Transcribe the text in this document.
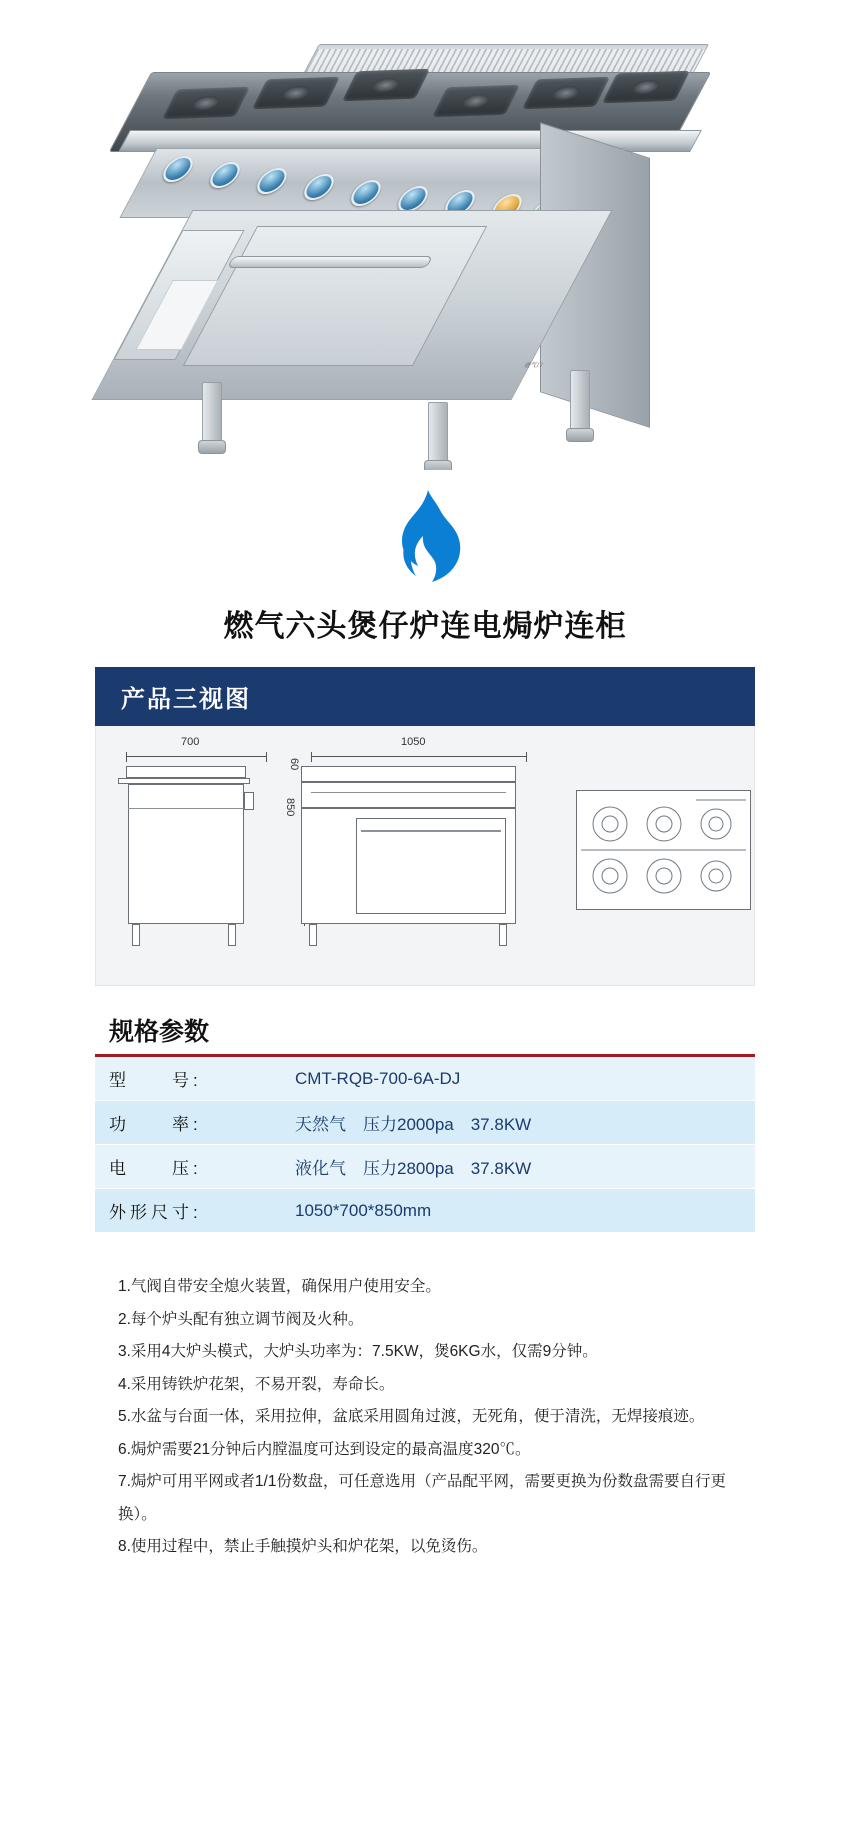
进气口
燃气六头煲仔炉连电焗炉连柜
产品三视图
700	1050
60
850
规格参数
型　　号:	CMT-RQB-700-6A-DJ
功　　率:	天然气　压力2000pa　37.8KW
电　　压:	液化气　压力2800pa　37.8KW
外形尺寸:	1050*700*850mm

1.气阀自带安全熄火装置，确保用户使用安全。

2.每个炉头配有独立调节阀及火种。

3.采用4大炉头模式，大炉头功率为：7.5KW，煲6KG水，仅需9分钟。

4.采用铸铁炉花架，不易开裂，寿命长。

5.水盆与台面一体，采用拉伸，盆底采用圆角过渡，无死角，便于清洗，无焊接痕迹。

6.焗炉需要21分钟后内膛温度可达到设定的最高温度320℃。

7.焗炉可用平网或者1/1份数盘，可任意选用（产品配平网，需要更换为份数盘需要自行更换）。

8.使用过程中，禁止手触摸炉头和炉花架，以免烫伤。
